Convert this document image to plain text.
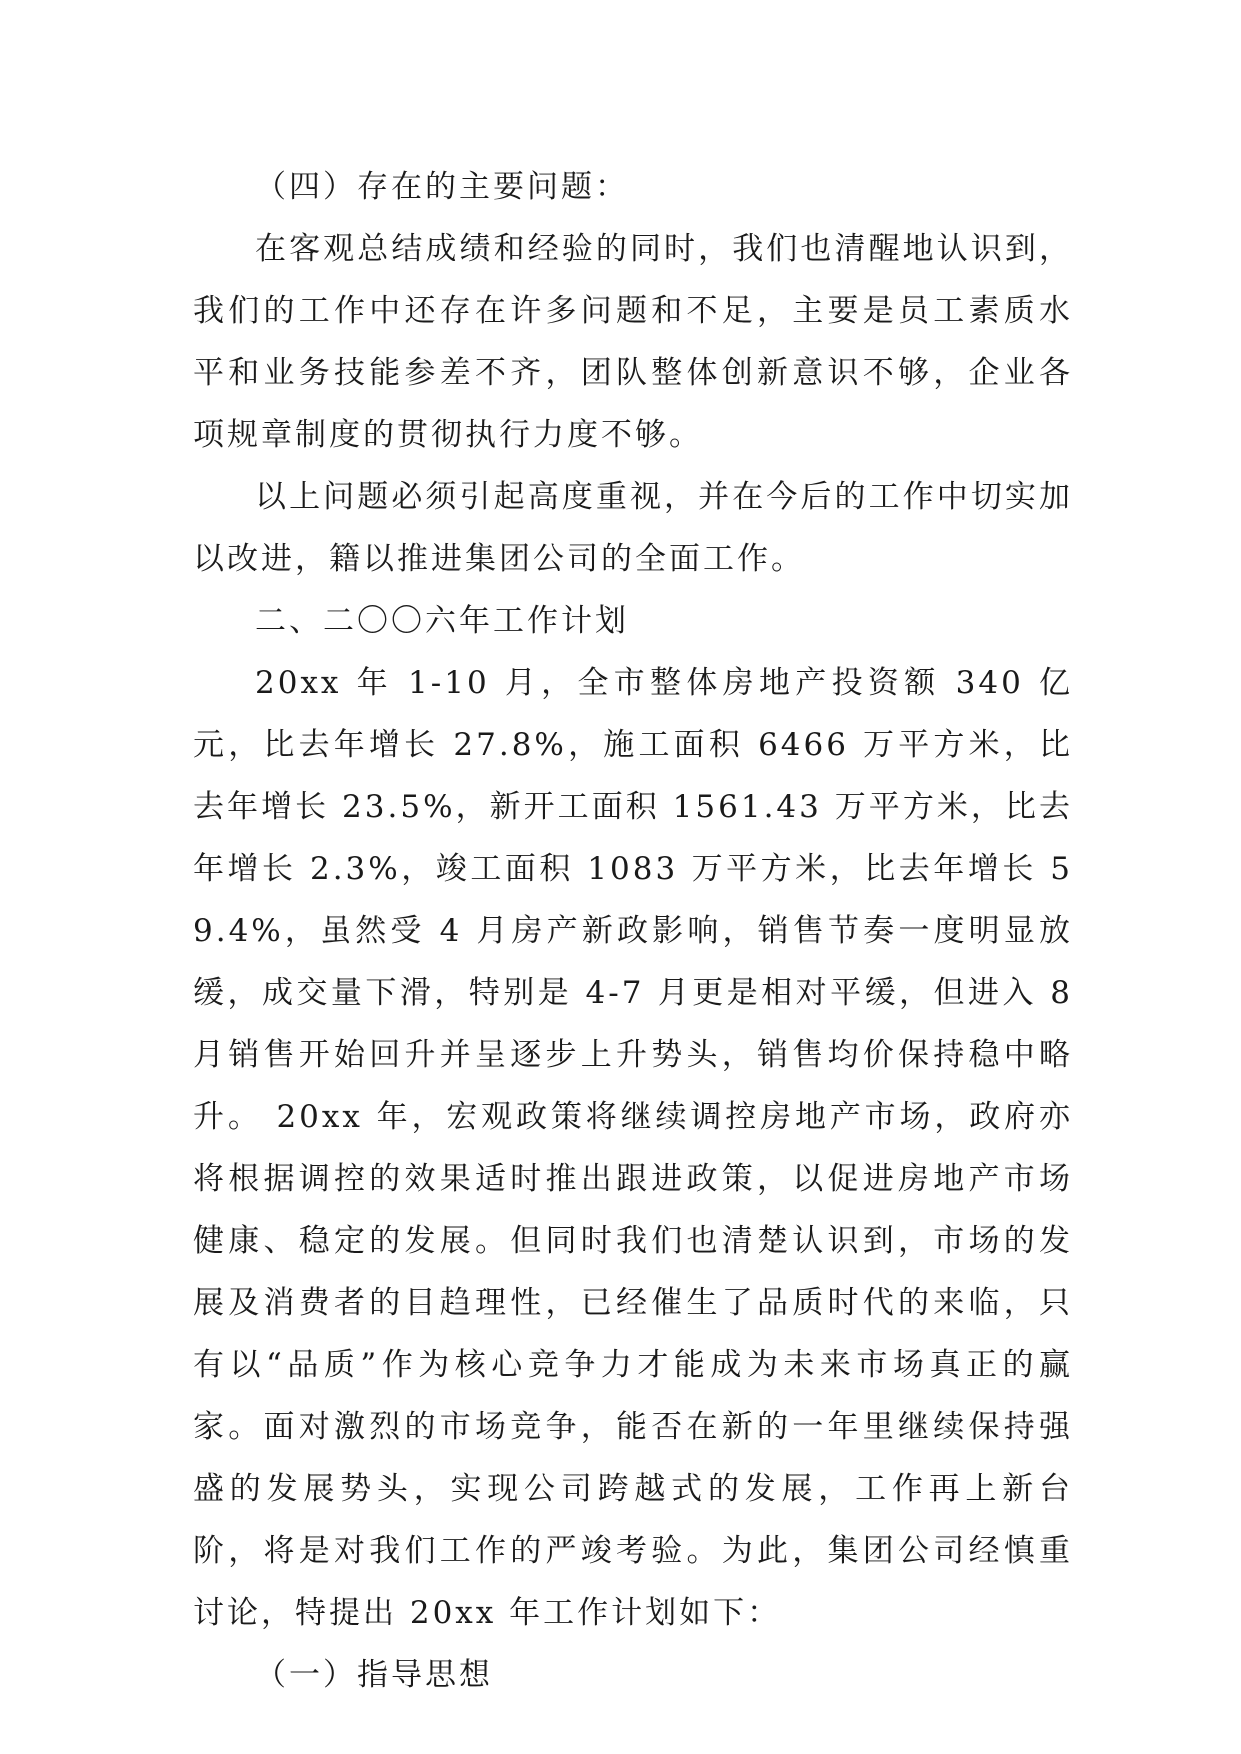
（四）存在的主要问题：

在客观总结成绩和经验的同时，我们也清醒地认识到，我们的工作中还存在许多问题和不足，主要是员工素质水平和业务技能参差不齐，团队整体创新意识不够，企业各项规章制度的贯彻执行力度不够。

以上问题必须引起高度重视，并在今后的工作中切实加以改进，籍以推进集团公司的全面工作。

二、二〇〇六年工作计划

20xx 年 1-10 月，全市整体房地产投资额 340 亿元，比去年增长 27.8%，施工面积 6466 万平方米，比去年增长 23.5%，新开工面积 1561.43 万平方米，比去年增长 2.3%，竣工面积 1083 万平方米，比去年增长 59.4%，虽然受 4 月房产新政影响，销售节奏一度明显放缓，成交量下滑，特别是 4-7 月更是相对平缓，但进入 8 月销售开始回升并呈逐步上升势头，销售均价保持稳中略升。 20xx 年，宏观政策将继续调控房地产市场，政府亦将根据调控的效果适时推出跟进政策，以促进房地产市场健康、稳定的发展。但同时我们也清楚认识到，市场的发展及消费者的目趋理性，已经催生了品质时代的来临，只有以“品质”作为核心竞争力才能成为未来市场真正的赢家。面对激烈的市场竞争，能否在新的一年里继续保持强盛的发展势头，实现公司跨越式的发展，工作再上新台阶，将是对我们工作的严竣考验。为此，集团公司经慎重讨论，特提出 20xx 年工作计划如下：

（一）指导思想
